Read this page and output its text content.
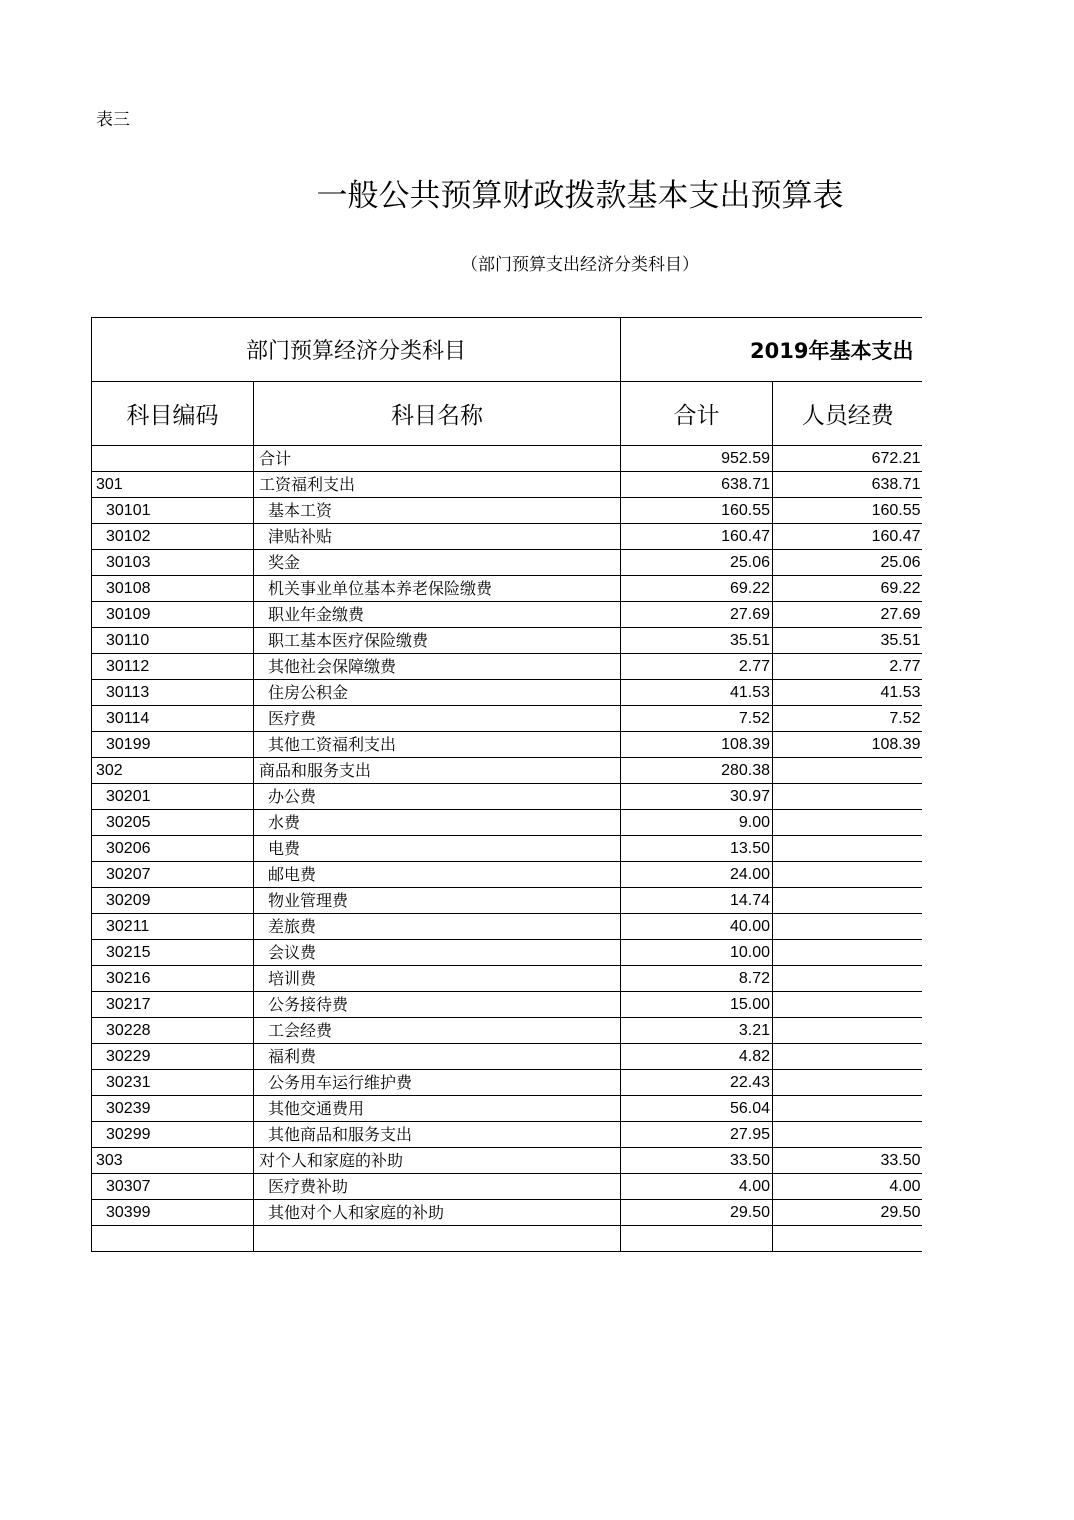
表三
一般公共预算财政拨款基本支出预算表
（部门预算支出经济分类科目）
部门预算经济分类科目		2019年基本支出	
科目编码	科目名称	合计	人员经费
	合计	952.59	672.21
301	工资福利支出	638.71	638.71
30101	基本工资	160.55	160.55
30102	津贴补贴	160.47	160.47
30103	奖金	25.06	25.06
30108	机关事业单位基本养老保险缴费	69.22	69.22
30109	职业年金缴费	27.69	27.69
30110	职工基本医疗保险缴费	35.51	35.51
30112	其他社会保障缴费	2.77	2.77
30113	住房公积金	41.53	41.53
30114	医疗费	7.52	7.52
30199	其他工资福利支出	108.39	108.39
302	商品和服务支出	280.38	
30201	办公费	30.97	
30205	水费	9.00	
30206	电费	13.50	
30207	邮电费	24.00	
30209	物业管理费	14.74	
30211	差旅费	40.00	
30215	会议费	10.00	
30216	培训费	8.72	
30217	公务接待费	15.00	
30228	工会经费	3.21	
30229	福利费	4.82	
30231	公务用车运行维护费	22.43	
30239	其他交通费用	56.04	
30299	其他商品和服务支出	27.95	
303	对个人和家庭的补助	33.50	33.50
30307	医疗费补助	4.00	4.00
30399	其他对个人和家庭的补助	29.50	29.50
